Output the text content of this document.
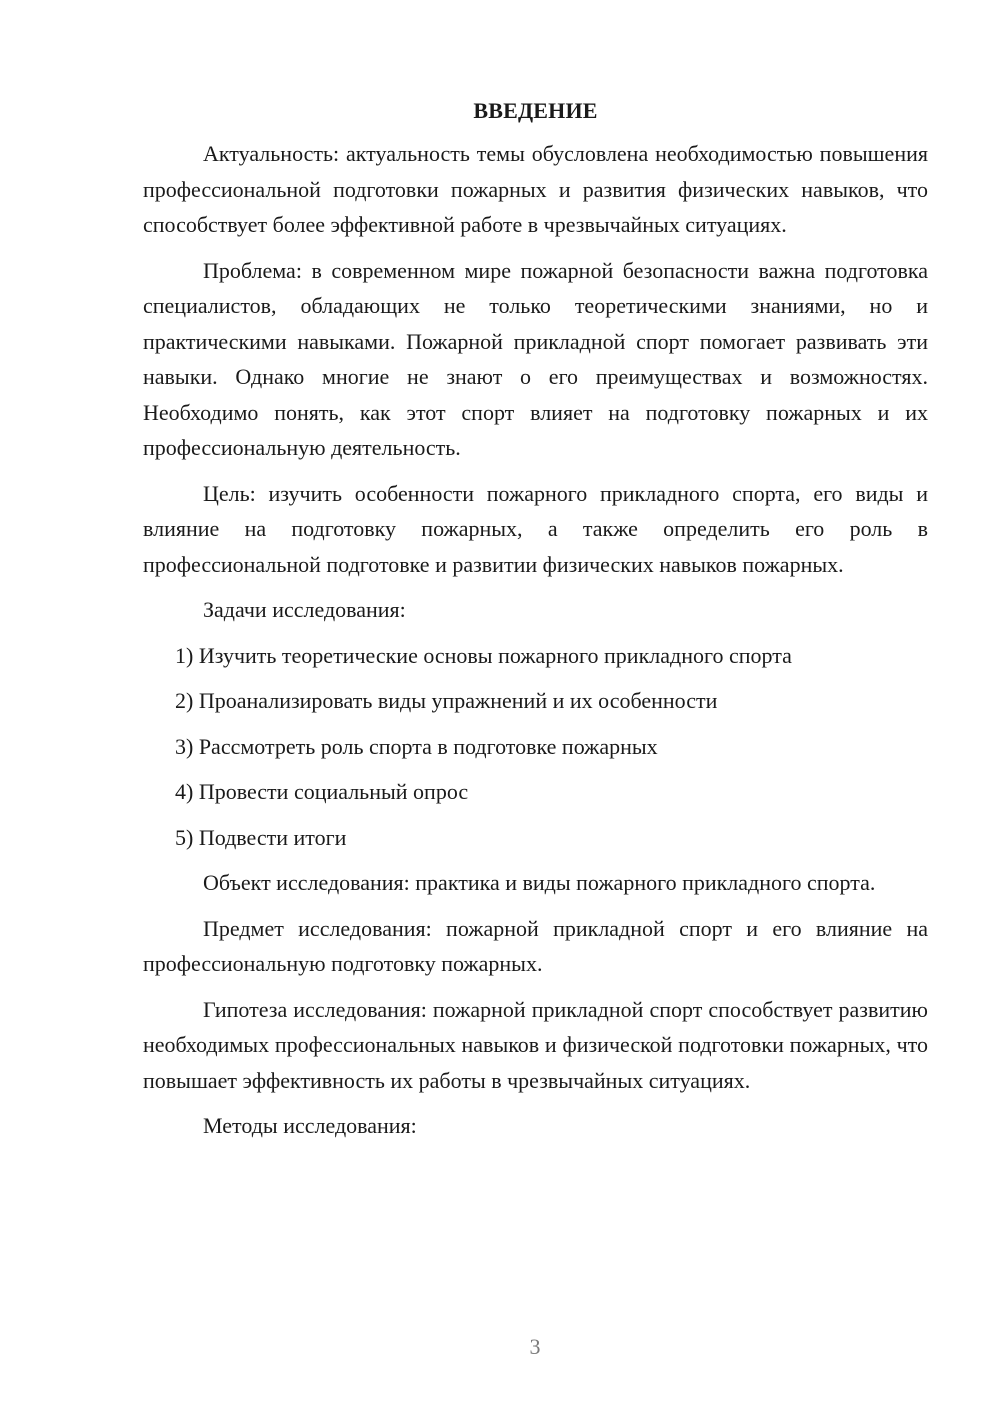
ВВЕДЕНИЕ

Актуальность: актуальность темы обусловлена необходимостью повышения профессиональной подготовки пожарных и развития физических навыков, что способствует более эффективной работе в чрезвычайных ситуациях.

Проблема: в современном мире пожарной безопасности важна подготовка специалистов, обладающих не только теоретическими знаниями, но и практическими навыками. Пожарной прикладной спорт помогает развивать эти навыки. Однако многие не знают о его преимуществах и возможностях. Необходимо понять, как этот спорт влияет на подготовку пожарных и их профессиональную деятельность.

Цель: изучить особенности пожарного прикладного спорта, его виды и влияние на подготовку пожарных, а также определить его роль в профессиональной подготовке и развитии физических навыков пожарных.

Задачи исследования:

1) Изучить теоретические основы пожарного прикладного спорта
2) Проанализировать виды упражнений и их особенности
3) Рассмотреть роль спорта в подготовке пожарных
4) Провести социальный опрос
5) Подвести итоги

Объект исследования: практика и виды пожарного прикладного спорта.

Предмет исследования: пожарной прикладной спорт и его влияние на профессиональную подготовку пожарных.

Гипотеза исследования: пожарной прикладной спорт способствует развитию необходимых профессиональных навыков и физической подготовки пожарных, что повышает эффективность их работы в чрезвычайных ситуациях.

Методы исследования:

3
